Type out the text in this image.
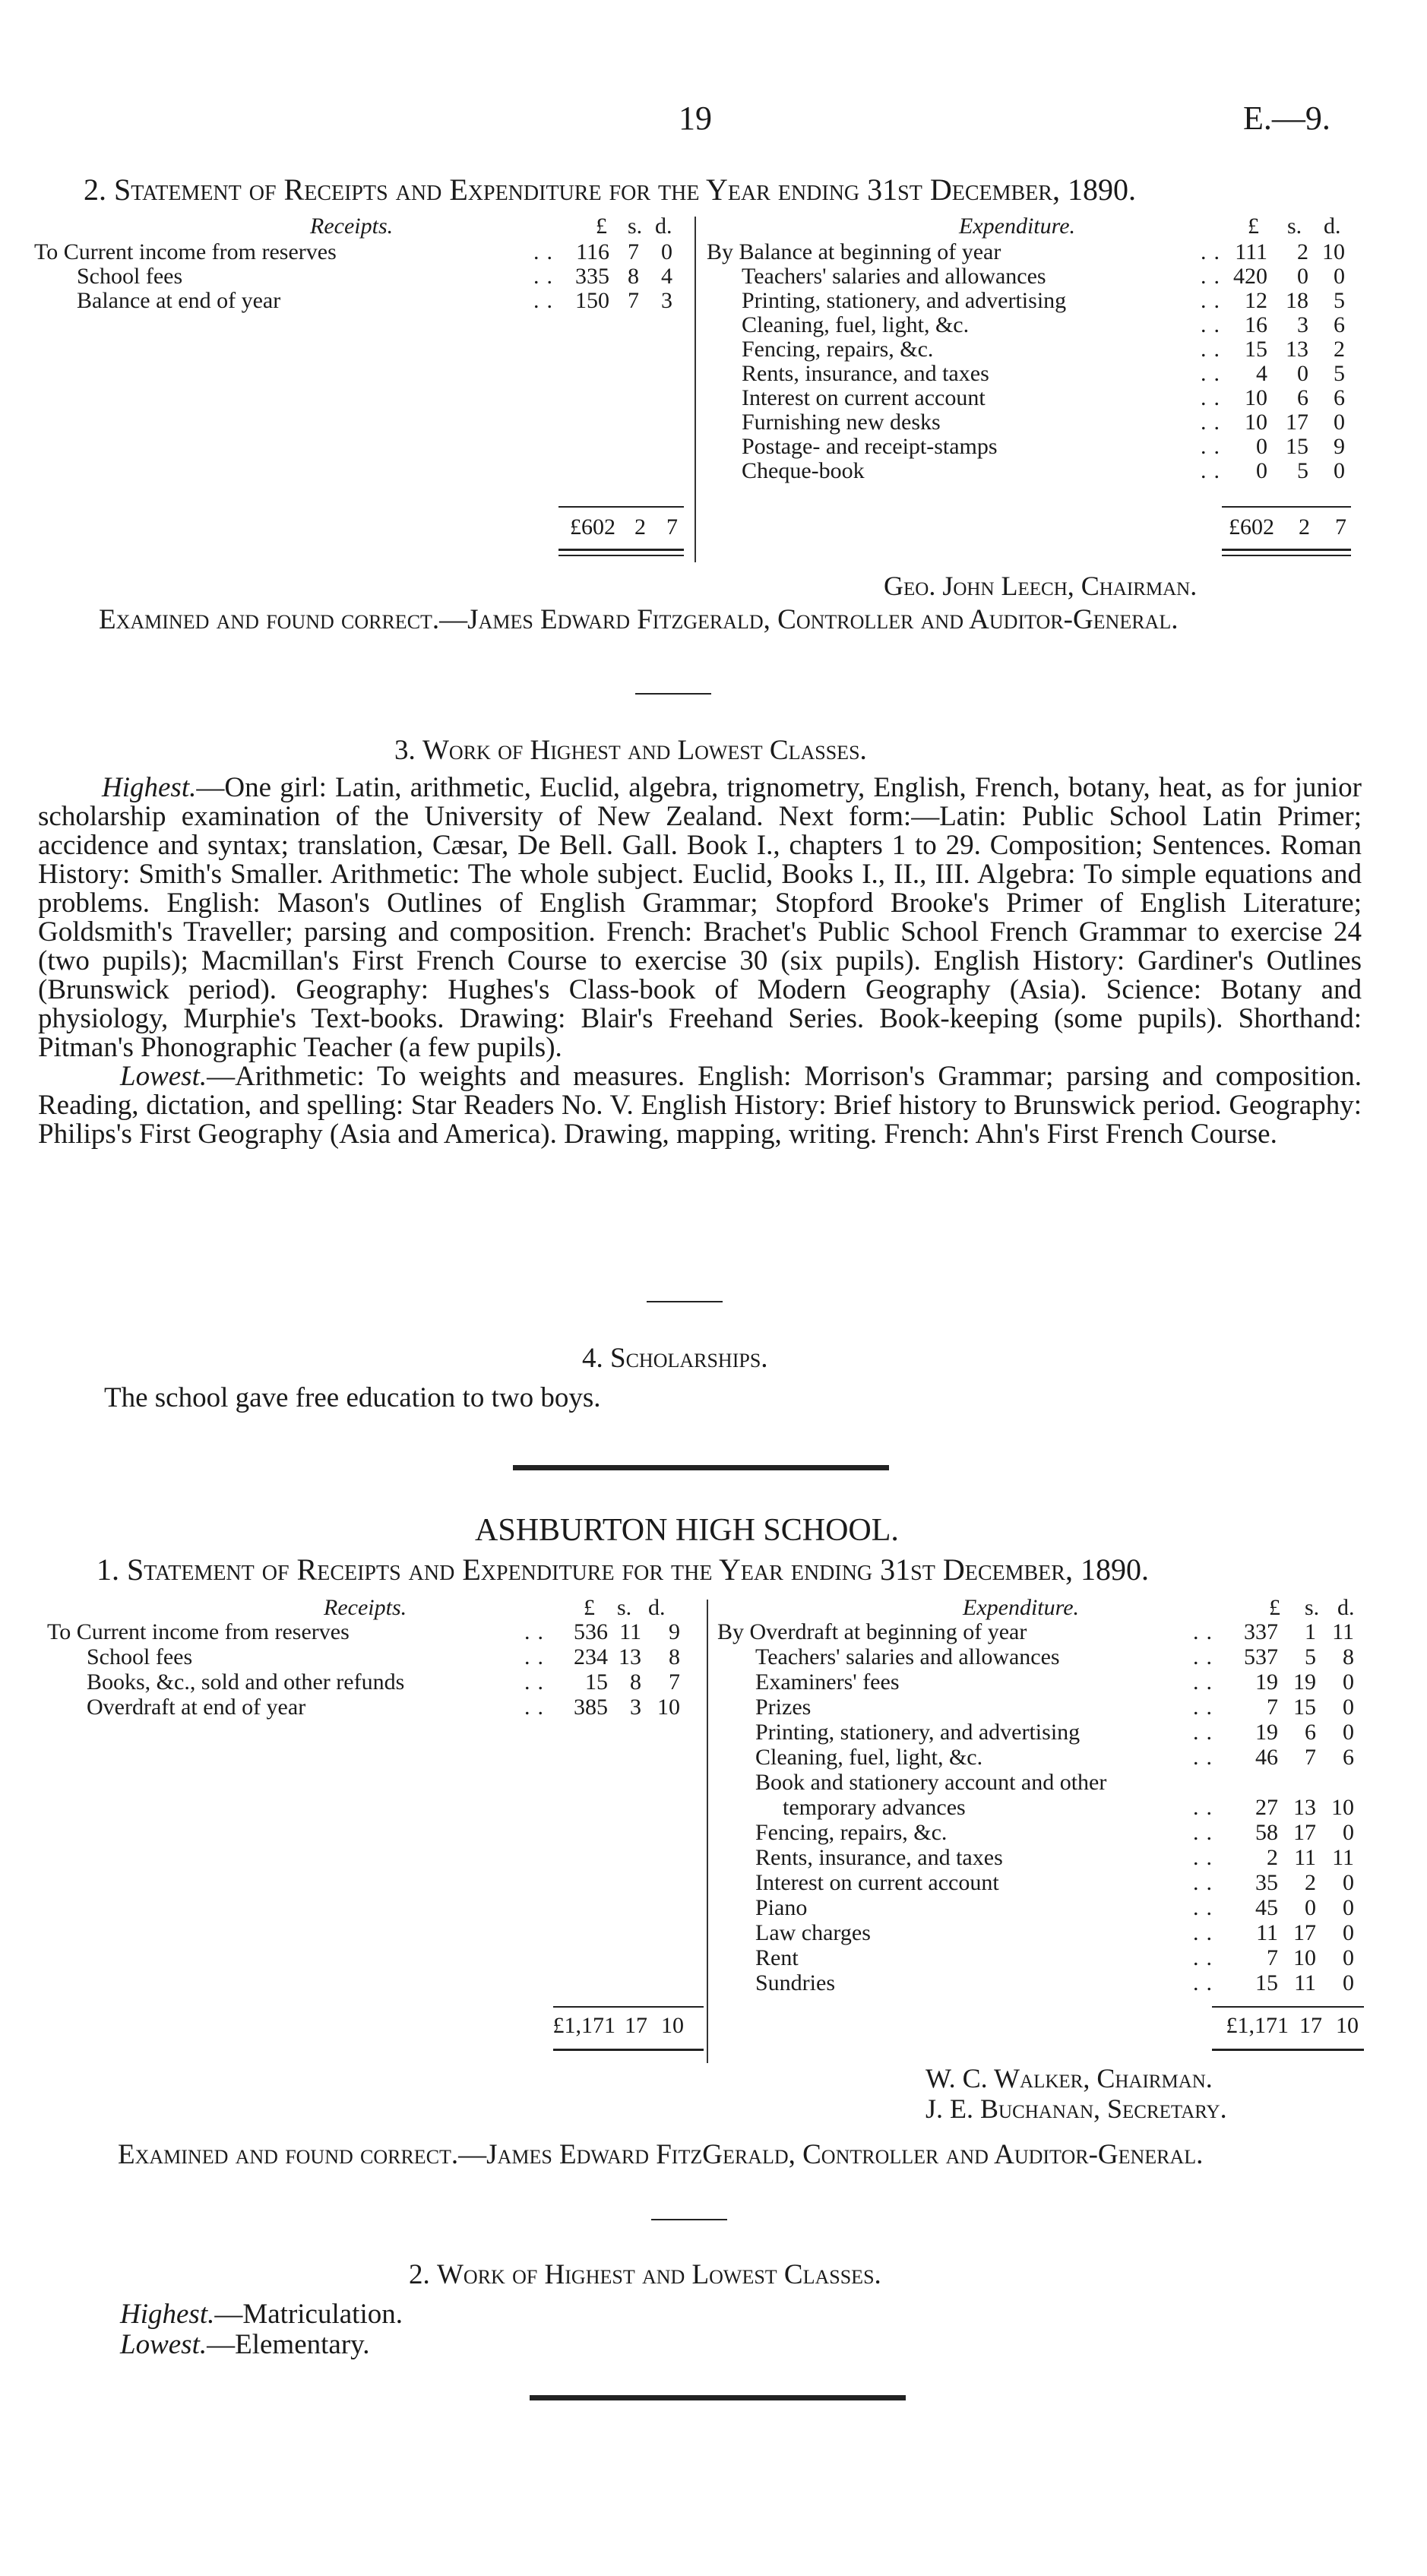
19	E.—9.
2. Statement of Receipts and Expenditure for the Year ending 31st December, 1890.
Receipts.	£ s. d.	Expenditure.	£ s. d.
To Current income from reserves	.. 116 7 0
School fees	.. 335 8 4
Balance at end of year	.. 150 7 3
By Balance at beginning of year	.. 111	2 10
Teachers' salaries and allowances	.. 420	0	0
Printing, stationery, and advertising	.. 12 18	5
Cleaning, fuel, light, &c.	.. 16	3	6
Fencing, repairs, &c.	.. 15 13	2
Rents, insurance, and taxes	..	4	0	5
Interest on current account	.. 10	6	6
Furnishing new desks	.. 10 17	0
Postage- and receipt-stamps	..	0 15	9
Cheque-book	..	0	5	0
£602 2 7	£602	2	7
Geo. John Leech, Chairman.
Examined and found correct.—James Edward Fitzgerald, Controller and Auditor-General.
3. Work of Highest and Lowest Classes.

Highest.—One girl: Latin, arithmetic, Euclid, algebra, trignometry, English, French, botany, heat, as for junior scholarship examination of the University of New Zealand. Next form:—Latin: Public School Latin Primer; accidence and syntax; translation, Cæsar, De Bell. Gall. Book I., chapters 1 to 29. Composition; Sentences. Roman History: Smith's Smaller. Arithmetic: The whole subject. Euclid, Books I., II., III. Algebra: To simple equations and problems. English: Mason's Outlines of English Grammar; Stopford Brooke's Primer of English Literature; Goldsmith's Traveller; parsing and composition. French: Brachet's Public School French Grammar to exercise 24 (two pupils); Macmillan's First French Course to exercise 30 (six pupils). English History: Gardiner's Outlines (Brunswick period). Geography: Hughes's Class-book of Modern Geography (Asia). Science: Botany and physiology, Murphie's Text-books. Drawing: Blair's Freehand Series. Book-keeping (some pupils). Shorthand: Pitman's Phonographic Teacher (a few pupils).

Lowest.—Arithmetic: To weights and measures. English: Morrison's Grammar; parsing and composition. Reading, dictation, and spelling: Star Readers No. V. English History: Brief history to Brunswick period. Geography: Philips's First Geography (Asia and America). Drawing, mapping, writing. French: Ahn's First French Course.

4. Scholarships.
The school gave free education to two boys.
ASHBURTON HIGH SCHOOL.
1. Statement of Receipts and Expenditure for the Year ending 31st December, 1890.
Receipts.	£ s. d.	Expenditure.	£ s. d.
To Current income from reserves	..	536 11	9
School fees	..	234 13	8
Books, &c., sold and other refunds	..	15 8	7
Overdraft at end of year	..	385 3 10
By Overdraft at beginning of year	..	337	1 11
Teachers' salaries and allowances	..	537	5	8
Examiners' fees	..	19 19	0
Prizes	..	7 15	0
Printing, stationery, and advertising	..	19	6	0
Cleaning, fuel, light, &c.	..	46	7	6
Book and stationery account and other
temporary advances	..	27 13 10
Fencing, repairs, &c.	..	58 17	0
Rents, insurance, and taxes	..	2 11 11
Interest on current account	..	35	2	0
Piano	..	45	0	0
Law charges	..	11 17	0
Rent	..	7 10	0
Sundries	..	15 11	0
£1,171 17 10	£1,171 17 10
W. C. Walker, Chairman.
J. E. Buchanan, Secretary.
Examined and found correct.—James Edward FitzGerald, Controller and Auditor-General.
2. Work of Highest and Lowest Classes.
Highest.—Matriculation.
Lowest.—Elementary.
